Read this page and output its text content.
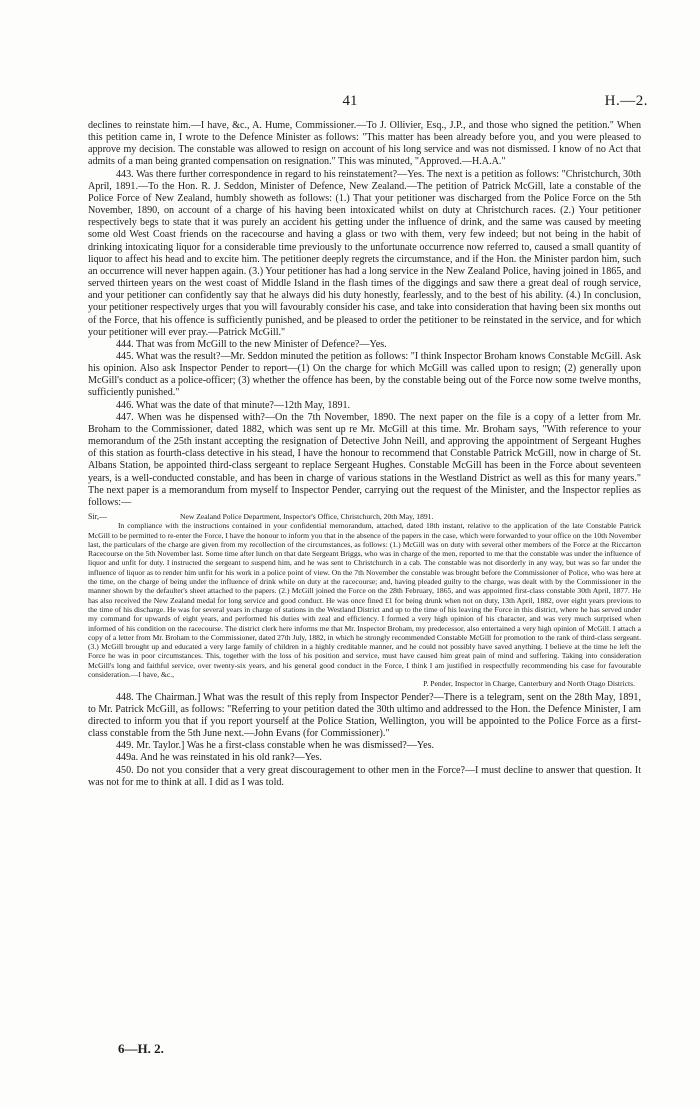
41	H.—2.

declines to reinstate him.—I have, &c., A. Hume, Commissioner.—To J. Ollivier, Esq., J.P., and those who signed the petition." When this petition came in, I wrote to the Defence Minister as follows: "This matter has been already before you, and you were pleased to approve my decision. The constable was allowed to resign on account of his long service and was not dismissed. I know of no Act that admits of a man being granted compensation on resignation." This was minuted, "Approved.—H.A.A."

443. Was there further correspondence in regard to his reinstatement?—Yes. The next is a petition as follows: "Christchurch, 30th April, 1891.—To the Hon. R. J. Seddon, Minister of Defence, New Zealand.—The petition of Patrick McGill, late a constable of the Police Force of New Zealand, humbly showeth as follows: (1.) That your petitioner was discharged from the Police Force on the 5th November, 1890, on account of a charge of his having been intoxicated whilst on duty at Christchurch races. (2.) Your petitioner respectively begs to state that it was purely an accident his getting under the influence of drink, and the same was caused by meeting some old West Coast friends on the racecourse and having a glass or two with them, very few indeed; but not being in the habit of drinking intoxicating liquor for a considerable time previously to the unfortunate occurrence now referred to, caused a small quantity of liquor to affect his head and to excite him. The petitioner deeply regrets the circumstance, and if the Hon. the Minister pardon him, such an occurrence will never happen again. (3.) Your petitioner has had a long service in the New Zealand Police, having joined in 1865, and served thirteen years on the west coast of Middle Island in the flash times of the diggings and saw there a great deal of rough service, and your petitioner can confidently say that he always did his duty honestly, fearlessly, and to the best of his ability. (4.) In conclusion, your petitioner respectively urges that you will favourably consider his case, and take into consideration that having been six months out of the Force, that his offence is sufficiently punished, and be pleased to order the petitioner to be reinstated in the service, and for which your petitioner will ever pray.—Patrick McGill."

444. That was from McGill to the new Minister of Defence?—Yes.

445. What was the result?—Mr. Seddon minuted the petition as follows: "I think Inspector Broham knows Constable McGill. Ask his opinion. Also ask Inspector Pender to report—(1) On the charge for which McGill was called upon to resign; (2) generally upon McGill's conduct as a police-officer; (3) whether the offence has been, by the constable being out of the Force now some twelve months, sufficiently punished."

446. What was the date of that minute?—12th May, 1891.

447. When was he dispensed with?—On the 7th November, 1890. The next paper on the file is a copy of a letter from Mr. Broham to the Commissioner, dated 1882, which was sent up re Mr. McGill at this time. Mr. Broham says, "With reference to your memorandum of the 25th instant accepting the resignation of Detective John Neill, and approving the appointment of Sergeant Hughes of this station as fourth-class detective in his stead, I have the honour to recommend that Constable Patrick McGill, now in charge of St. Albans Station, be appointed third-class sergeant to replace Sergeant Hughes. Constable McGill has been in the Force about seventeen years, is a well-conducted constable, and has been in charge of various stations in the Westland District as well as this for many years." The next paper is a memorandum from myself to Inspector Pender, carrying out the request of the Minister, and the Inspector replies as follows:—

Sir,—	New Zealand Police Department, Inspector's Office, Christchurch, 20th May, 1891.

In compliance with the instructions contained in your confidential memorandum, attached, dated 18th instant, relative to the application of the late Constable Patrick McGill to be permitted to re-enter the Force, I have the honour to inform you that in the absence of the papers in the case, which were forwarded to your office on the 10th November last, the particulars of the charge are given from my recollection of the circumstances, as follows: (1.) McGill was on duty with several other members of the Force at the Riccarton Racecourse on the 5th November last. Some time after lunch on that date Sergeant Briggs, who was in charge of the men, reported to me that the constable was under the influence of liquor and unfit for duty. I instructed the sergeant to suspend him, and he was sent to Christchurch in a cab. The constable was not disorderly in any way, but was so far under the influence of liquor as to render him unfit for his work in a police point of view. On the 7th November the constable was brought before the Commissioner of Police, who was here at the time, on the charge of being under the influence of drink while on duty at the racecourse; and, having pleaded guilty to the charge, was dealt with by the Commissioner in the manner shown by the defaulter's sheet attached to the papers. (2.) McGill joined the Force on the 28th February, 1865, and was appointed first-class constable 30th April, 1877. He has also received the New Zealand medal for long service and good conduct. He was once fined £1 for being drunk when not on duty, 13th April, 1882, over eight years previous to the time of his discharge. He was for several years in charge of stations in the Westland District and up to the time of his leaving the Force in this district, where he has served under my command for upwards of eight years, and performed his duties with zeal and efficiency. I formed a very high opinion of his character, and was very much surprised when informed of his condition on the racecourse. The district clerk here informs me that Mr. Inspector Broham, my predecessor, also entertained a very high opinion of McGill. I attach a copy of a letter from Mr. Broham to the Commissioner, dated 27th July, 1882, in which he strongly recommended Constable McGill for promotion to the rank of third-class sergeant. (3.) McGill brought up and educated a very large family of children in a highly creditable manner, and he could not possibly have saved anything. I believe at the time he left the Force he was in poor circumstances. This, together with the loss of his position and service, must have caused him great pain of mind and suffering. Taking into consideration McGill's long and faithful service, over twenty-six years, and his general good conduct in the Force, I think I am justified in respectfully recommending his case for favourable consideration.—I have, &c.,

P. Pender, Inspector in Charge, Canterbury and North Otago Districts.

448. The Chairman.] What was the result of this reply from Inspector Pender?—There is a telegram, sent on the 28th May, 1891, to Mr. Patrick McGill, as follows: "Referring to your petition dated the 30th ultimo and addressed to the Hon. the Defence Minister, I am directed to inform you that if you report yourself at the Police Station, Wellington, you will be appointed to the Police Force as a first-class constable from the 5th June next.—John Evans (for Commissioner)."

449. Mr. Taylor.] Was he a first-class constable when he was dismissed?—Yes.

449a. And he was reinstated in his old rank?—Yes.

450. Do not you consider that a very great discouragement to other men in the Force?—I must decline to answer that question. It was not for me to think at all. I did as I was told.

6—H. 2.
